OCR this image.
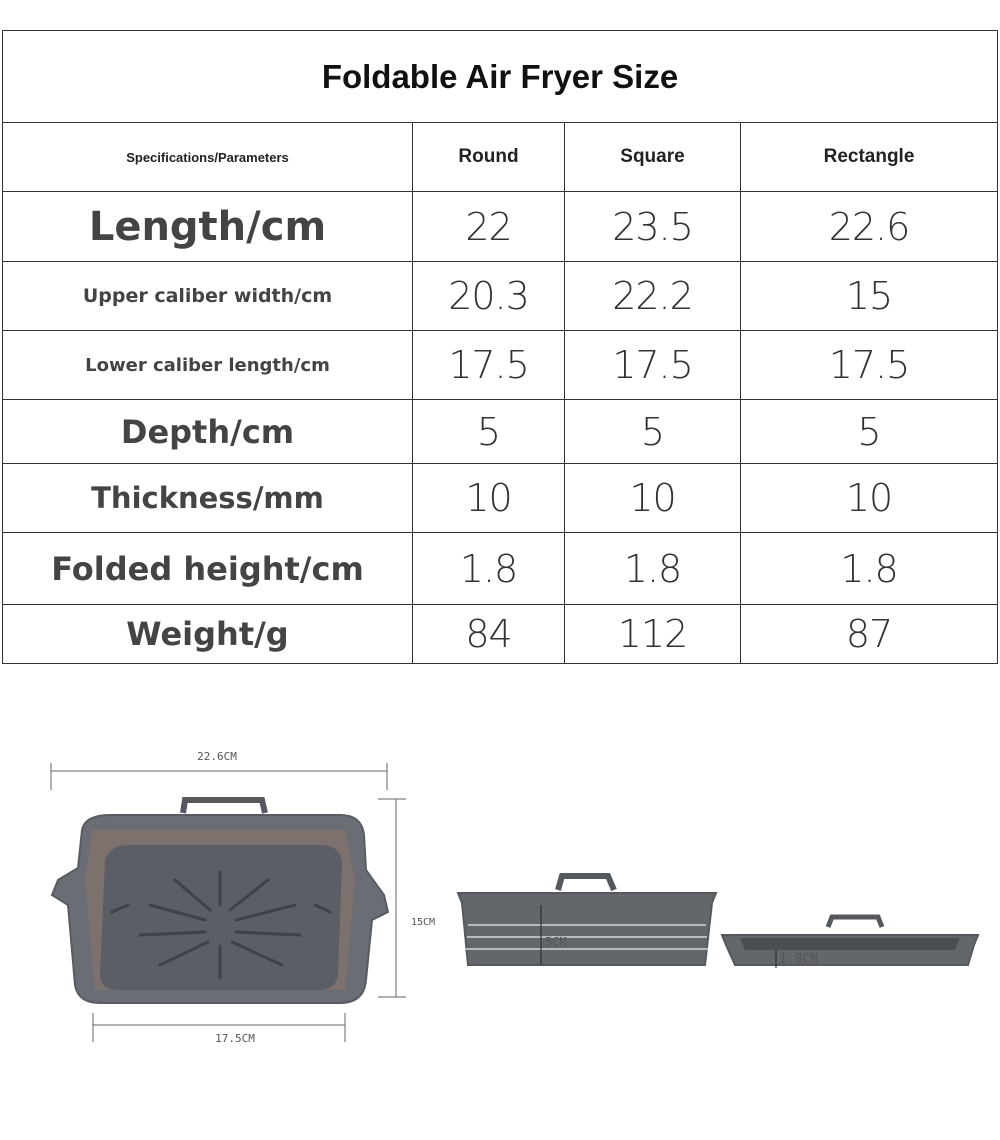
Foldable Air Fryer Size			
Specifications/Parameters	Round	Square	Rectangle
Length/cm	22	23.5	22.6
Upper caliber width/cm	20.3	22.2	15
Lower caliber length/cm	17.5	17.5	17.5
Depth/cm	5	5	5
Thickness/mm	10	10	10
Folded height/cm	1.8	1.8	1.8
Weight/g	84	112	87
22.6CM
15CM
17.5CM
5CM
1.8CM
